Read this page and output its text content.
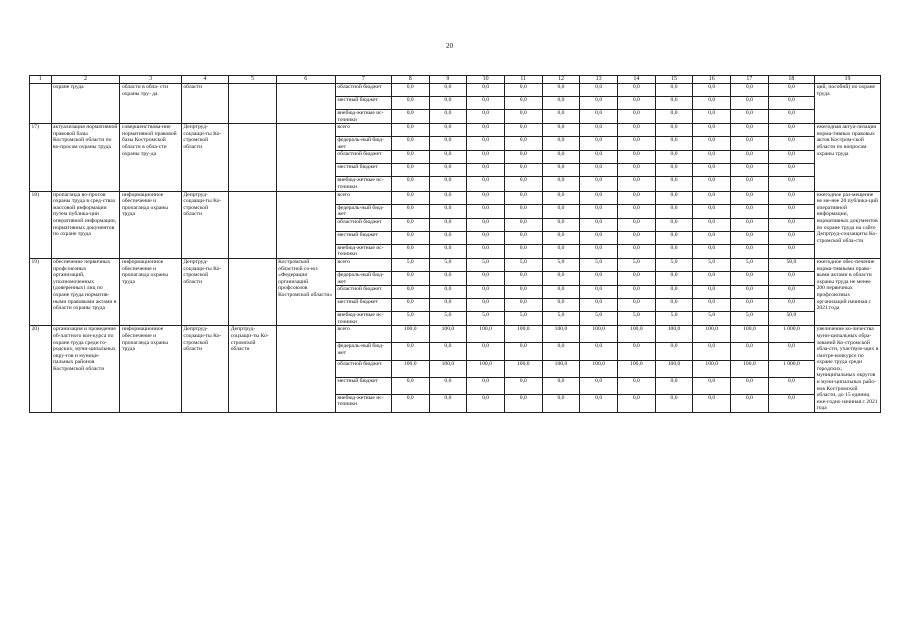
20
1	2	3	4	5	6	7	8	9	10	11	12	13	14	15	16	17	18	19
	охране труда	области в обла- сти охраны тру- да	области			областной бюджет	0,0	0,0	0,0	0,0	0,0	0,0	0,0	0,0	0,0	0,0	0,0	ций, пособий) по охране труда
						местный бюджет	0,0	0,0	0,0	0,0	0,0	0,0	0,0	0,0	0,0	0,0	0,0	
						внебюд-жетные ис-точники	0,0	0,0	0,0	0,0	0,0	0,0	0,0	0,0	0,0	0,0	0,0	
17)	актуализация нормативной правовой базы Костромской области по во-просам охраны труда	совершенствова-ние нормативной правовой базы Костромской области в обла-сти охраны тру-да	Депртруд-соцзащи-ты Ко-стромской области			всего	0,0	0,0	0,0	0,0	0,0	0,0	0,0	0,0	0,0	0,0	0,0	ежегодная актуа-лизация норма-тивных правовых актов Костром-ской области по вопросам охраны труда
						федераль-ный бюд-жет	0,0	0,0	0,0	0,0	0,0	0,0	0,0	0,0	0,0	0,0	0,0	
						областной бюджет	0,0	0,0	0,0	0,0	0,0	0,0	0,0	0,0	0,0	0,0	0,0	
						местный бюджет	0,0	0,0	0,0	0,0	0,0	0,0	0,0	0,0	0,0	0,0	0,0	
						внебюд-жетные ис-точники	0,0	0,0	0,0	0,0	0,0	0,0	0,0	0,0	0,0	0,0	0,0	
18)	пропаганда во-просов охраны труда в сред-ствах массовой информации путем публика-ции оперативной информации, нормативных документов по охране труда	информационное обеспечение и пропаганда охраны труда	Депртруд-соцзащи-ты Ко-стромской области			всего	0,0	0,0	0,0	0,0	0,0	0,0	0,0	0,0	0,0	0,0	0,0	ежегодное раз-мещение не ме-нее 20 публика-ций оперативной информации, нормативных документов по охране труда на сайте Депртруд-соцзащиты Ко-стромской обла-сти
						федераль-ный бюд-жет	0,0	0,0	0,0	0,0	0,0	0,0	0,0	0,0	0,0	0,0	0,0	
						областной бюджет	0,0	0,0	0,0	0,0	0,0	0,0	0,0	0,0	0,0	0,0	0,0	
						местный бюджет	0,0	0,0	0,0	0,0	0,0	0,0	0,0	0,0	0,0	0,0	0,0	
						внебюд-жетные ис-точники	0,0	0,0	0,0	0,0	0,0	0,0	0,0	0,0	0,0	0,0	0,0	
19)	обеспечение первичных профсоюзных организаций, уполномоченных (доверенных) лиц по охране труда норматив-ными правовыми актами в области охраны труда	информационное обеспечение и пропаганда охраны труда	Депртруд-соцзащи-ты Ко-стромской области		Костромской областной со-юз «Федерация организаций профсоюзов Костромской области»	всего	5,0	5,0	5,0	5,0	5,0	5,0	5,0	5,0	5,0	5,0	50,0	ежегодное обес-печение норма-тивными право-выми актами в области охраны труда не менее 200 первичных профсоюзных организаций начиная с 2021 года
						федераль-ный бюд-жет	0,0	0,0	0,0	0,0	0,0	0,0	0,0	0,0	0,0	0,0	0,0	
						областной бюджет	0,0	0,0	0,0	0,0	0,0	0,0	0,0	0,0	0,0	0,0	0,0	
						местный бюджет	0,0	0,0	0,0	0,0	0,0	0,0	0,0	0,0	0,0	0,0	0,0	
						внебюд-жетные ис-точники	5,0	5,0	5,0	5,0	5,0	5,0	5,0	5,0	5,0	5,0	50,0	
20)	организация и проведение об-ластного кон-курса по охране труда среди го-родских, муни-ципальных окру-гов и муници-пальных районов Костромской области	информационное обеспечение и пропаганда охраны труда	Депртруд-соцзащи-ты Ко-стромской области	Депртруд-соцзащи-ты Ко-стромской области		всего	100,0	100,0	100,0	100,0	100,0	100,0	100,0	100,0	100,0	100,0	1 000,0	увеличение ко-личества муни-ципальных обра-зований Ко-стромской обла-сти, участвую-щих в смотре-конкурсе по охране труда среди городских, муниципальных округов и муни-ципальных райо-нов Костромской области, до 15 единиц еже-годно начиная с 2021 года
						федераль-ный бюд-жет	0,0	0,0	0,0	0,0	0,0	0,0	0,0	0,0	0,0	0,0	0,0	
						областной бюджет	100,0	100,0	100,0	100,0	100,0	100,0	100,0	100,0	100,0	100,0	1 000,0	
						местный бюджет	0,0	0,0	0,0	0,0	0,0	0,0	0,0	0,0	0,0	0,0	0,0	
						внебюд-жетные ис-точники	0,0	0,0	0,0	0,0	0,0	0,0	0,0	0,0	0,0	0,0	0,0	
